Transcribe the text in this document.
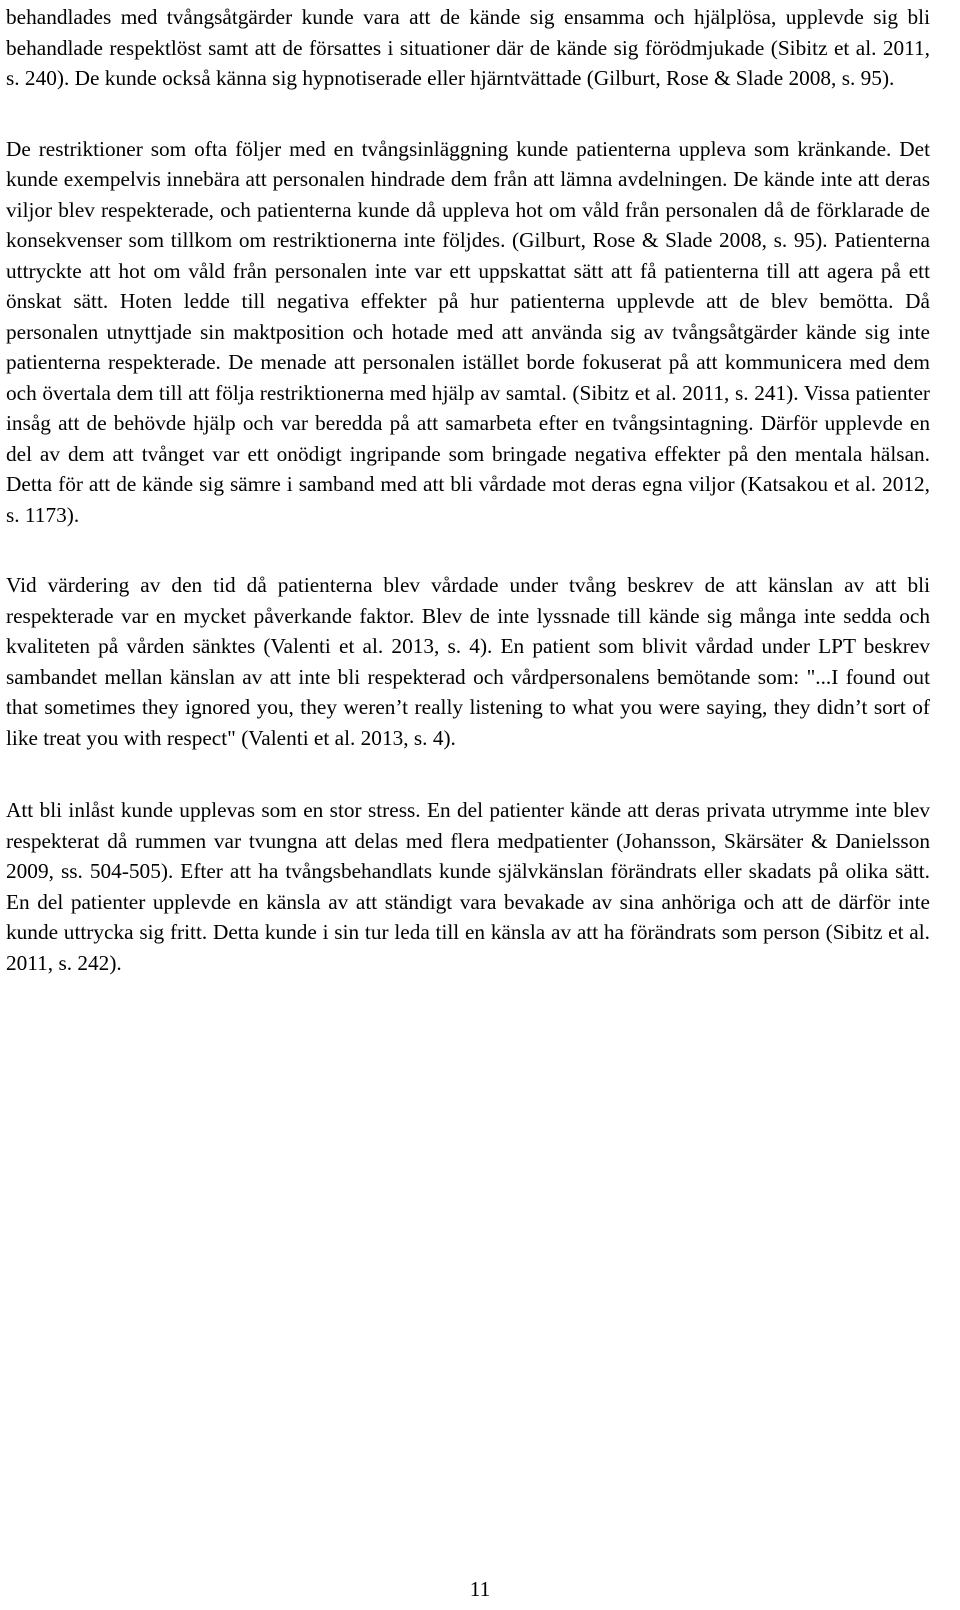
behandlades med tvångsåtgärder kunde vara att de kände sig ensamma och hjälplösa, upplevde sig bli behandlade respektlöst samt att de försattes i situationer där de kände sig förödmjukade (Sibitz et al. 2011, s. 240). De kunde också känna sig hypnotiserade eller hjärntvättade (Gilburt, Rose & Slade 2008, s. 95).

De restriktioner som ofta följer med en tvångsinläggning kunde patienterna uppleva som kränkande. Det kunde exempelvis innebära att personalen hindrade dem från att lämna avdelningen. De kände inte att deras viljor blev respekterade, och patienterna kunde då uppleva hot om våld från personalen då de förklarade de konsekvenser som tillkom om restriktionerna inte följdes. (Gilburt, Rose & Slade 2008, s. 95). Patienterna uttryckte att hot om våld från personalen inte var ett uppskattat sätt att få patienterna till att agera på ett önskat sätt. Hoten ledde till negativa effekter på hur patienterna upplevde att de blev bemötta. Då personalen utnyttjade sin maktposition och hotade med att använda sig av tvångsåtgärder kände sig inte patienterna respekterade. De menade att personalen istället borde fokuserat på att kommunicera med dem och övertala dem till att följa restriktionerna med hjälp av samtal. (Sibitz et al. 2011, s. 241). Vissa patienter insåg att de behövde hjälp och var beredda på att samarbeta efter en tvångsintagning. Därför upplevde en del av dem att tvånget var ett onödigt ingripande som bringade negativa effekter på den mentala hälsan. Detta för att de kände sig sämre i samband med att bli vårdade mot deras egna viljor (Katsakou et al. 2012, s. 1173).

Vid värdering av den tid då patienterna blev vårdade under tvång beskrev de att känslan av att bli respekterade var en mycket påverkande faktor. Blev de inte lyssnade till kände sig många inte sedda och kvaliteten på vården sänktes (Valenti et al. 2013, s. 4). En patient som blivit vårdad under LPT beskrev sambandet mellan känslan av att inte bli respekterad och vårdpersonalens bemötande som: "...I found out that sometimes they ignored you, they weren’t really listening to what you were saying, they didn’t sort of like treat you with respect" (Valenti et al. 2013, s. 4).

Att bli inlåst kunde upplevas som en stor stress. En del patienter kände att deras privata utrymme inte blev respekterat då rummen var tvungna att delas med flera medpatienter (Johansson, Skärsäter & Danielsson 2009, ss. 504-505). Efter att ha tvångsbehandlats kunde självkänslan förändrats eller skadats på olika sätt. En del patienter upplevde en känsla av att ständigt vara bevakade av sina anhöriga och att de därför inte kunde uttrycka sig fritt. Detta kunde i sin tur leda till en känsla av att ha förändrats som person (Sibitz et al. 2011, s. 242).

11
